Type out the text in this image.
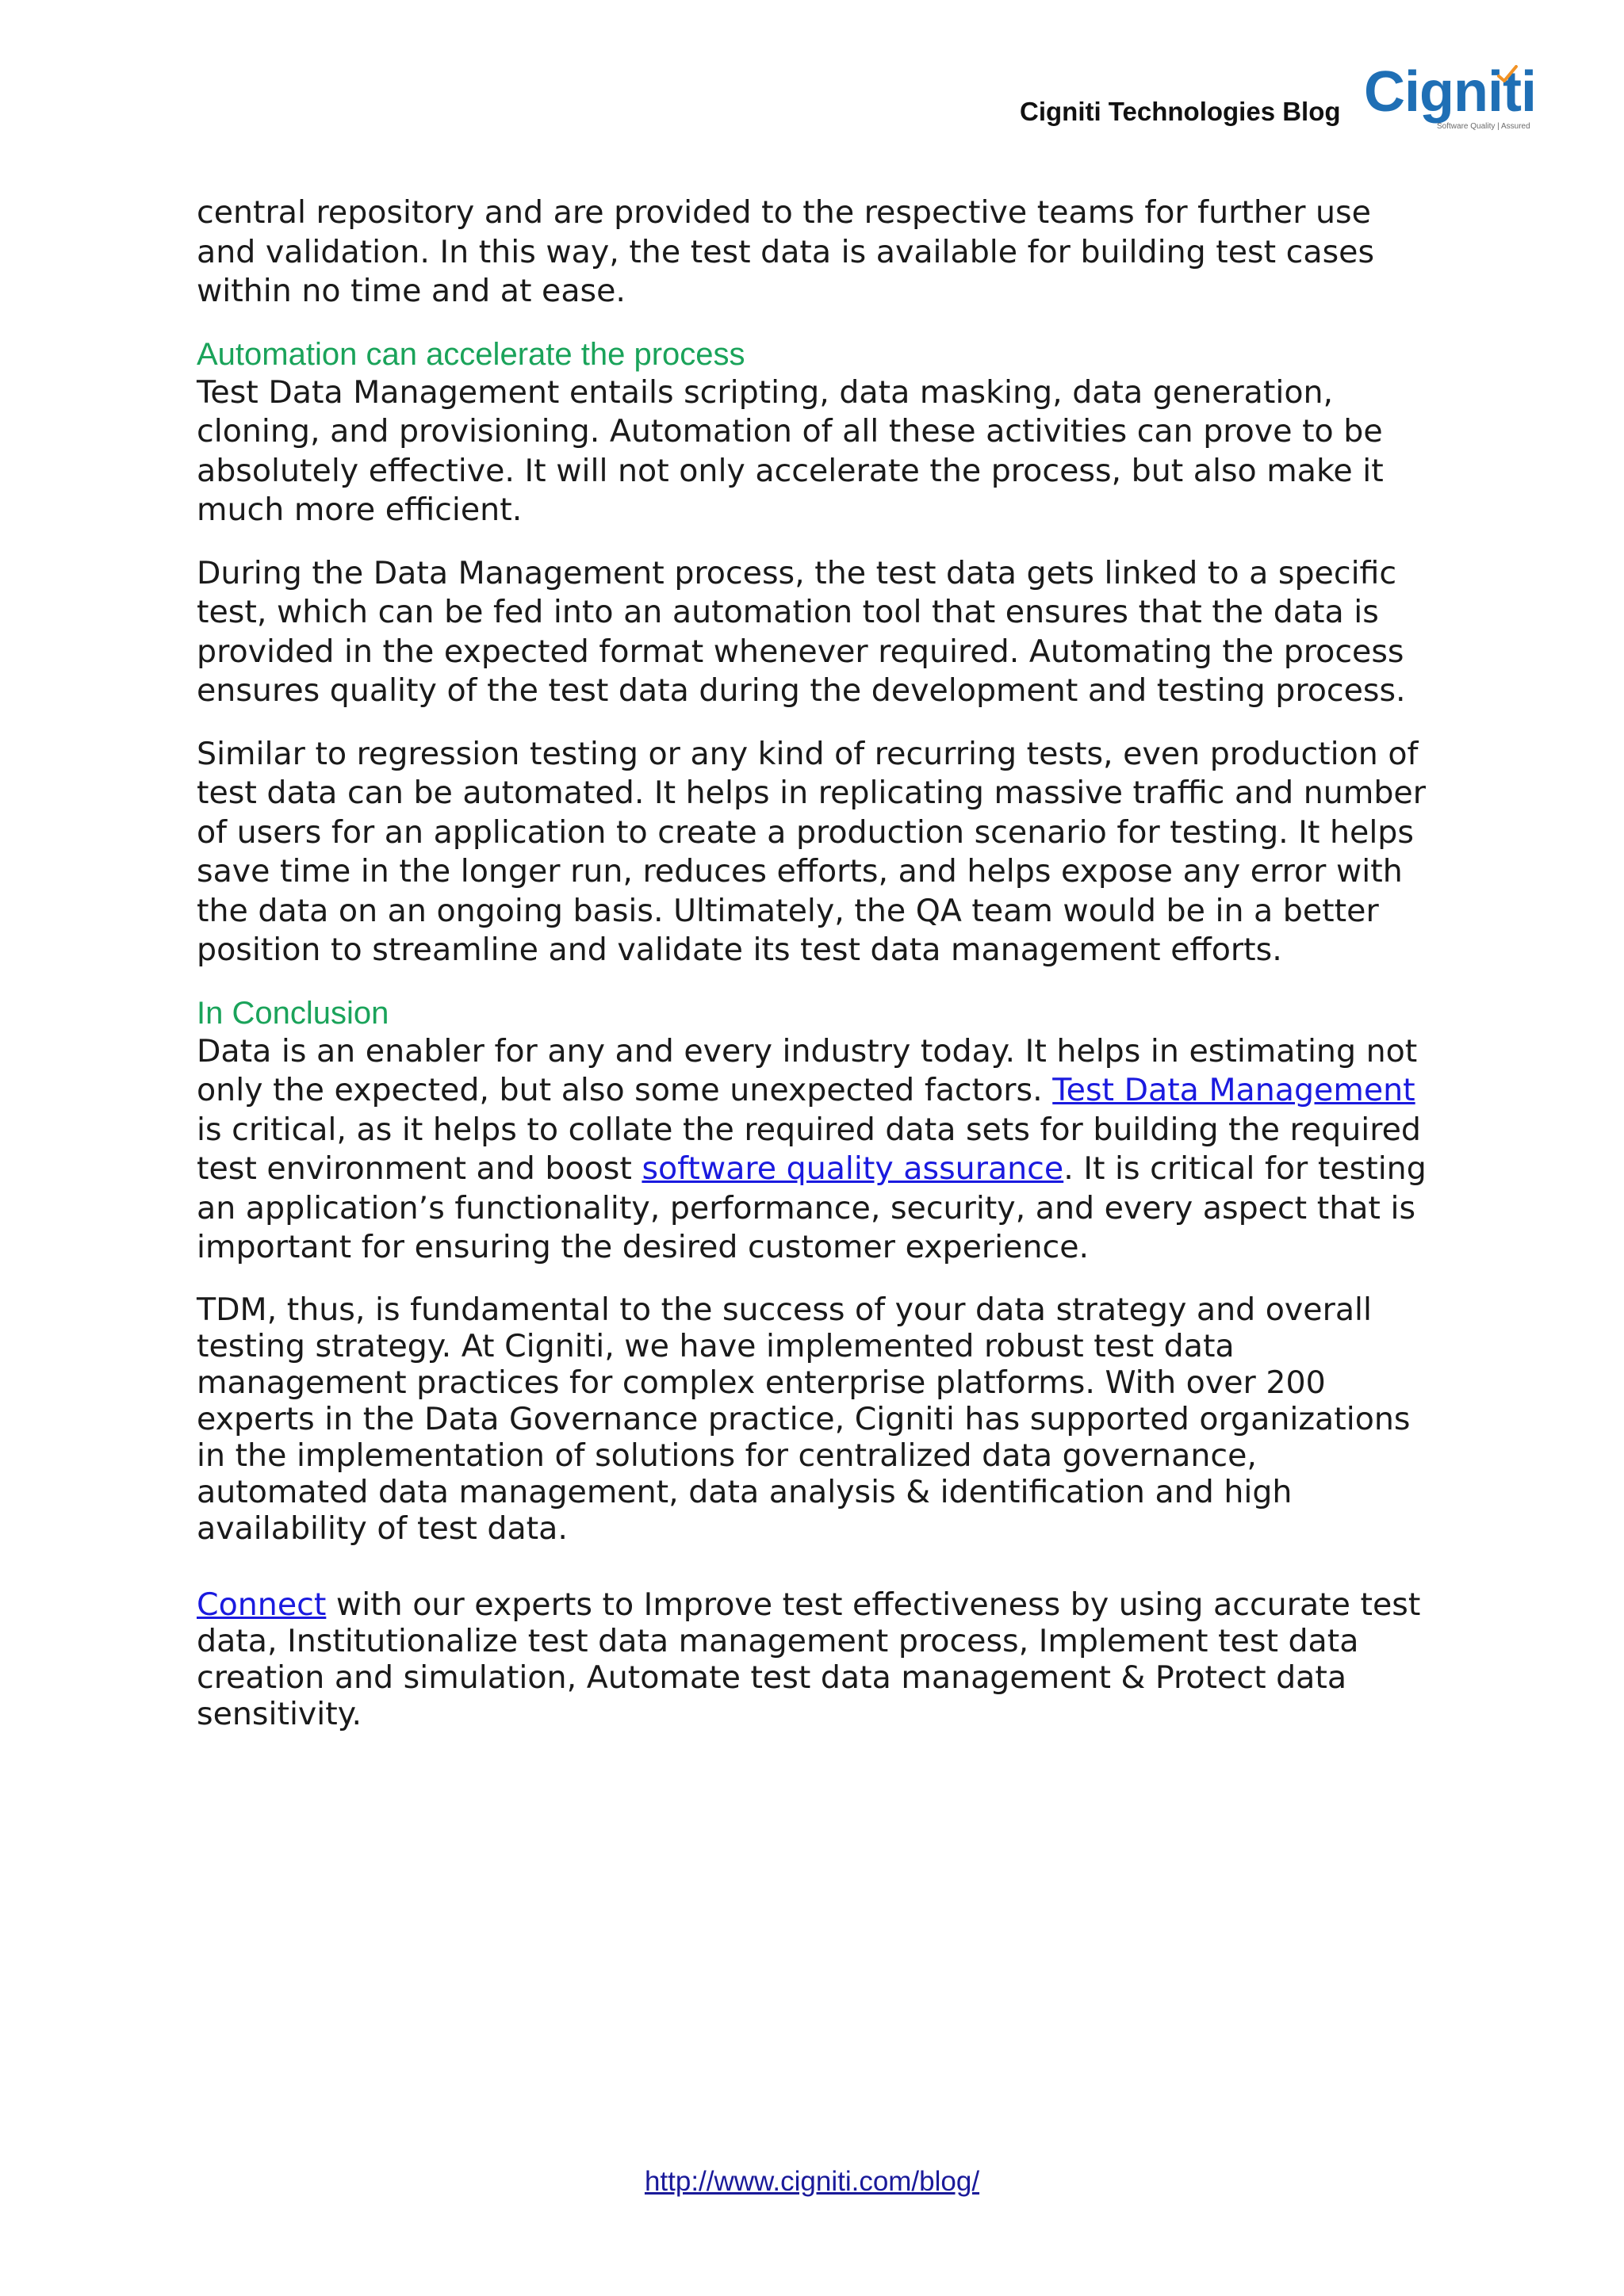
Cigniti Technologies Blog Cigniti
Software Quality | Assured

central repository and are provided to the respective teams for further use and validation. In this way, the test data is available for building test cases within no time and at ease.

Automation can accelerate the process

Test Data Management entails scripting, data masking, data generation, cloning, and provisioning. Automation of all these activities can prove to be absolutely effective. It will not only accelerate the process, but also make it much more efficient.

During the Data Management process, the test data gets linked to a specific test, which can be fed into an automation tool that ensures that the data is provided in the expected format whenever required. Automating the process ensures quality of the test data during the development and testing process.

Similar to regression testing or any kind of recurring tests, even production of test data can be automated. It helps in replicating massive traffic and number of users for an application to create a production scenario for testing. It helps save time in the longer run, reduces efforts, and helps expose any error with the data on an ongoing basis. Ultimately, the QA team would be in a better position to streamline and validate its test data management efforts.

In Conclusion

Data is an enabler for any and every industry today. It helps in estimating not only the expected, but also some unexpected factors. Test Data Management is critical, as it helps to collate the required data sets for building the required test environment and boost software quality assurance. It is critical for testing an application’s functionality, performance, security, and every aspect that is important for ensuring the desired customer experience.

TDM, thus, is fundamental to the success of your data strategy and overall testing strategy. At Cigniti, we have implemented robust test data management practices for complex enterprise platforms. With over 200 experts in the Data Governance practice, Cigniti has supported organizations in the implementation of solutions for centralized data governance, automated data management, data analysis & identification and high availability of test data.

Connect with our experts to Improve test effectiveness by using accurate test data, Institutionalize test data management process, Implement test data creation and simulation, Automate test data management & Protect data sensitivity.

http://www.cigniti.com/blog/
